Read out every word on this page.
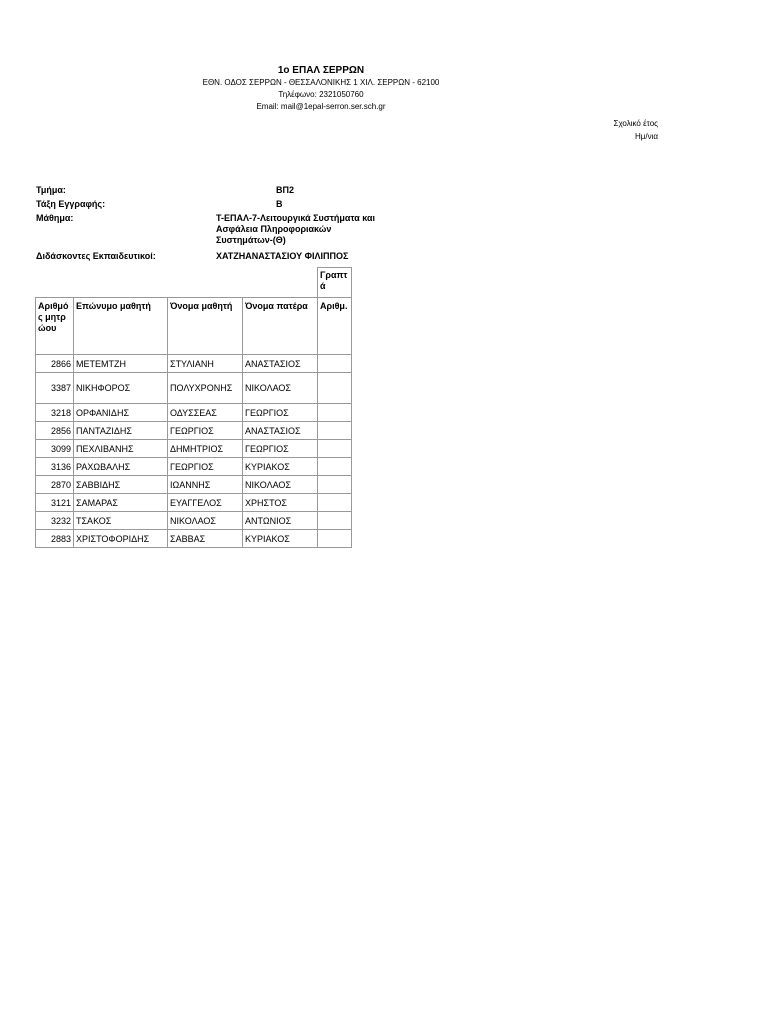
1ο ΕΠΑΛ ΣΕΡΡΩΝ
ΕΘΝ. ΟΔΟΣ ΣΕΡΡΩΝ - ΘΕΣΣΑΛΟΝΙΚΗΣ 1 ΧΙΛ. ΣΕΡΡΩΝ - 62100
Τηλέφωνο: 2321050760
Email: mail@1epal-serron.ser.sch.gr
Σχολικό έτος
Ημ/νια
Τμήμα:	ΒΠ2
Τάξη Εγγραφής:	Β
Μάθημα:	Τ-ΕΠΑΛ-7-Λειτουργικά Συστήματα και Ασφάλεια Πληροφοριακών Συστημάτων-(Θ)
Διδάσκοντες Εκπαιδευτικοί:	ΧΑΤΖΗΑΝΑΣΤΑΣΙΟΥ ΦΙΛΙΠΠΟΣ
				Γραπτά
Αριθμός μητρώου	Επώνυμο μαθητή	Όνομα μαθητή	Όνομα πατέρα	Αριθμ.
2866	ΜΕΤΕΜΤΖΗ	ΣΤΥΛΙΑΝΗ	ΑΝΑΣΤΑΣΙΟΣ	
3387	ΝΙΚΗΦΟΡΟΣ	ΠΟΛΥΧΡΟΝΗΣ	ΝΙΚΟΛΑΟΣ	
3218	ΟΡΦΑΝΙΔΗΣ	ΟΔΥΣΣΕΑΣ	ΓΕΩΡΓΙΟΣ	
2856	ΠΑΝΤΑΖΙΔΗΣ	ΓΕΩΡΓΙΟΣ	ΑΝΑΣΤΑΣΙΟΣ	
3099	ΠΕΧΛΙΒΑΝΗΣ	ΔΗΜΗΤΡΙΟΣ	ΓΕΩΡΓΙΟΣ	
3136	ΡΑΧΩΒΑΛΗΣ	ΓΕΩΡΓΙΟΣ	ΚΥΡΙΑΚΟΣ	
2870	ΣΑΒΒΙΔΗΣ	ΙΩΑΝΝΗΣ	ΝΙΚΟΛΑΟΣ	
3121	ΣΑΜΑΡΑΣ	ΕΥΑΓΓΕΛΟΣ	ΧΡΗΣΤΟΣ	
3232	ΤΣΑΚΟΣ	ΝΙΚΟΛΑΟΣ	ΑΝΤΩΝΙΟΣ	
2883	ΧΡΙΣΤΟΦΟΡΙΔΗΣ	ΣΑΒΒΑΣ	ΚΥΡΙΑΚΟΣ	
